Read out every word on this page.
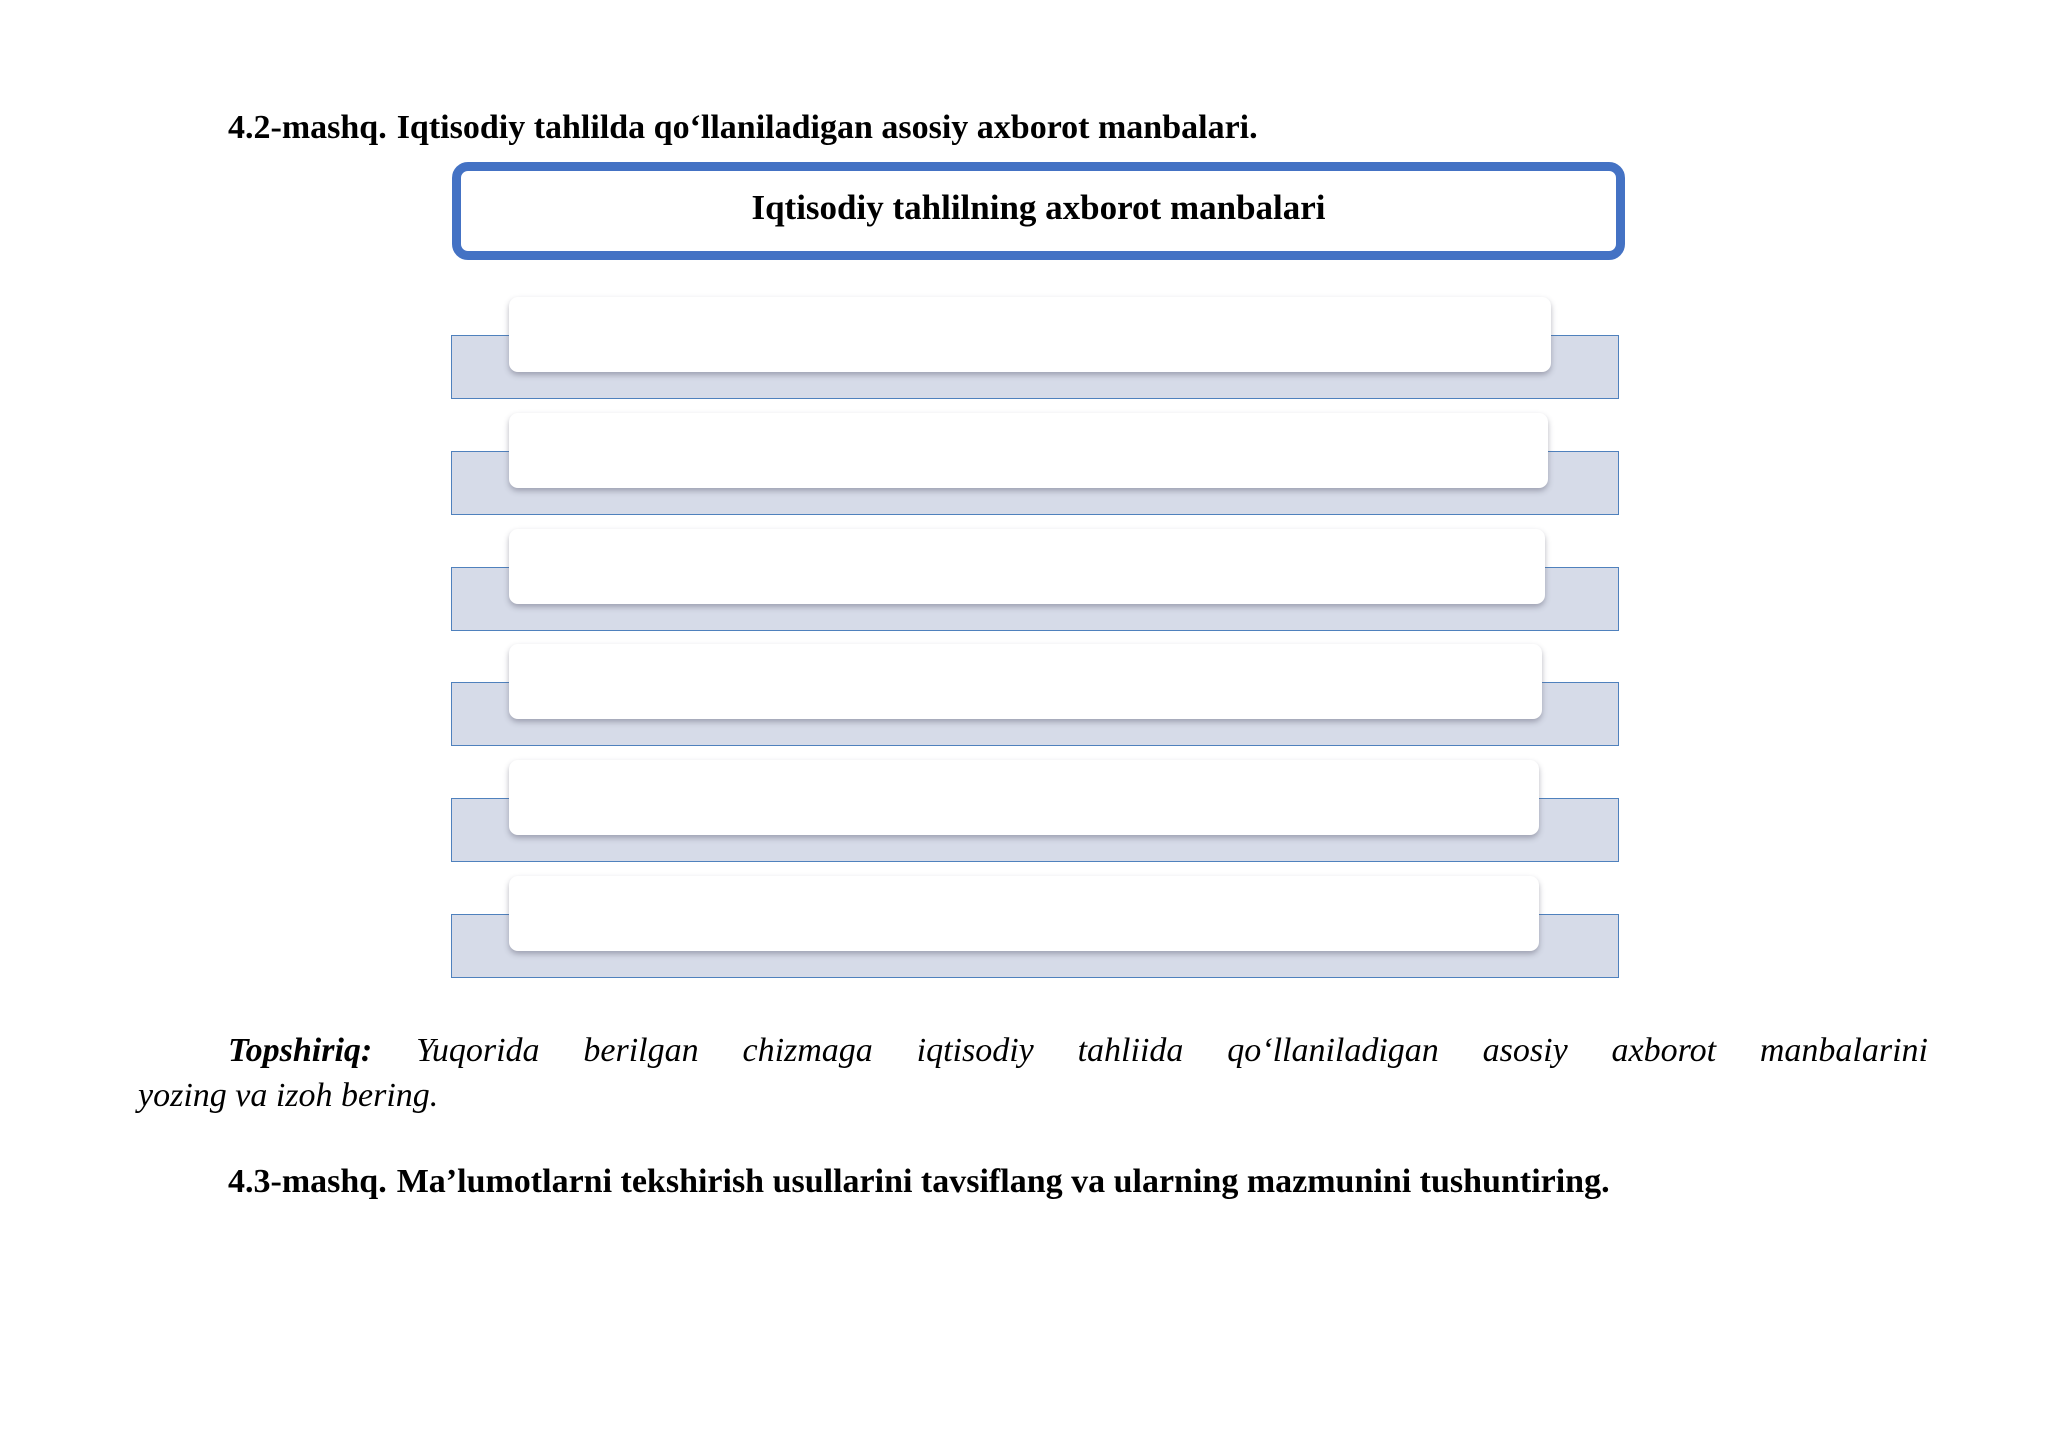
4.2-mashq. Iqtisodiy tahlilda qo‘llaniladigan asosiy axborot manbalari.
Iqtisodiy tahlilning axborot manbalari
Topshiriq: Yuqorida berilgan chizmaga iqtisodiy tahliida qo‘llaniladigan asosiy axborot manbalarini
yozing va izoh bering.
4.3-mashq. Ma’lumotlarni tekshirish usullarini tavsiflang va ularning mazmunini tushuntiring.
